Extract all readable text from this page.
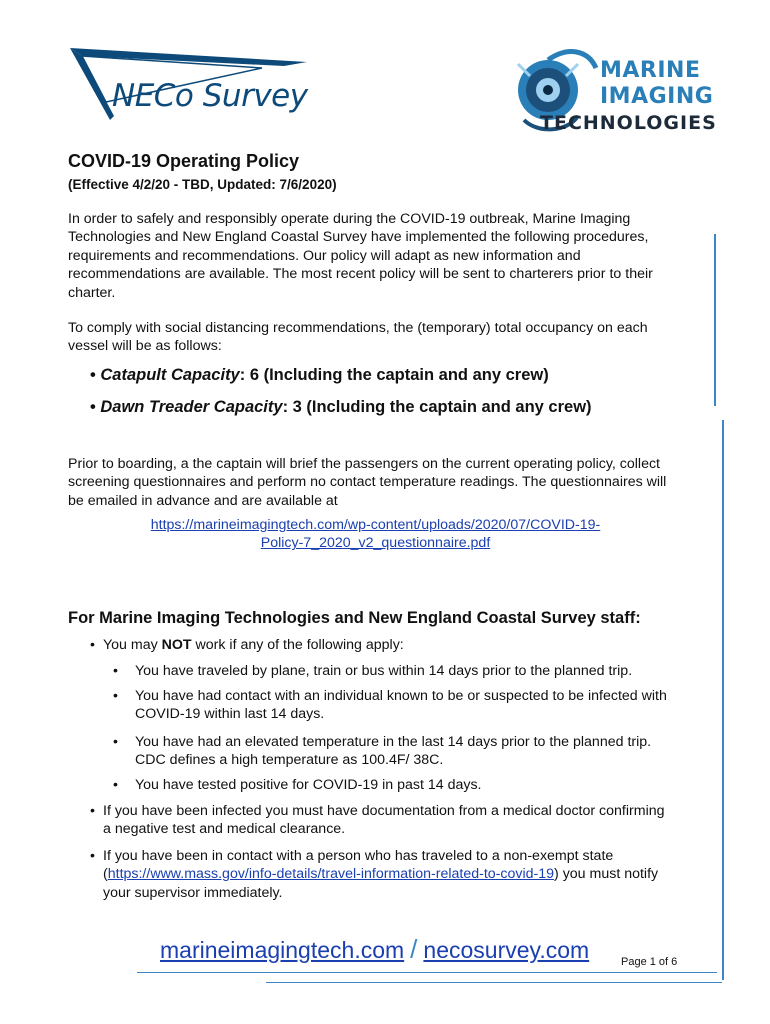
NECo Survey
MARINE
IMAGING
TECHNOLOGIES
COVID-19 Operating Policy
(Effective 4/2/20 - TBD, Updated: 7/6/2020)
In order to safely and responsibly operate during the COVID-19 outbreak, Marine Imaging Technologies and New England Coastal Survey have implemented the following procedures, requirements and recommendations. Our policy will adapt as new information and recommendations are available. The most recent policy will be sent to charterers prior to their charter.
To comply with social distancing recommendations, the (temporary) total occupancy on each vessel will be as follows:
• Catapult Capacity: 6 (Including the captain and any crew)
• Dawn Treader Capacity: 3 (Including the captain and any crew)
Prior to boarding, a the captain will brief the passengers on the current operating policy, collect screening questionnaires and perform no contact temperature readings. The questionnaires will be emailed in advance and are available at
https://marineimagingtech.com/wp-content/uploads/2020/07/COVID-19-
Policy-7_2020_v2_questionnaire.pdf
For Marine Imaging Technologies and New England Coastal Survey staff:
• You may NOT work if any of the following apply:
• You have traveled by plane, train or bus within 14 days prior to the planned trip.
• You have had contact with an individual known to be or suspected to be infected with COVID-19 within last 14 days.
• You have had an elevated temperature in the last 14 days prior to the planned trip. CDC defines a high temperature as 100.4F/ 38C.
• You have tested positive for COVID-19 in past 14 days.
• If you have been infected you must have documentation from a medical doctor confirming a negative test and medical clearance.
• If you have been in contact with a person who has traveled to a non-exempt state (https://www.mass.gov/info-details/travel-information-related-to-covid-19) you must notify your supervisor immediately.
marineimagingtech.com / necosurvey.com	Page 1 of 6
